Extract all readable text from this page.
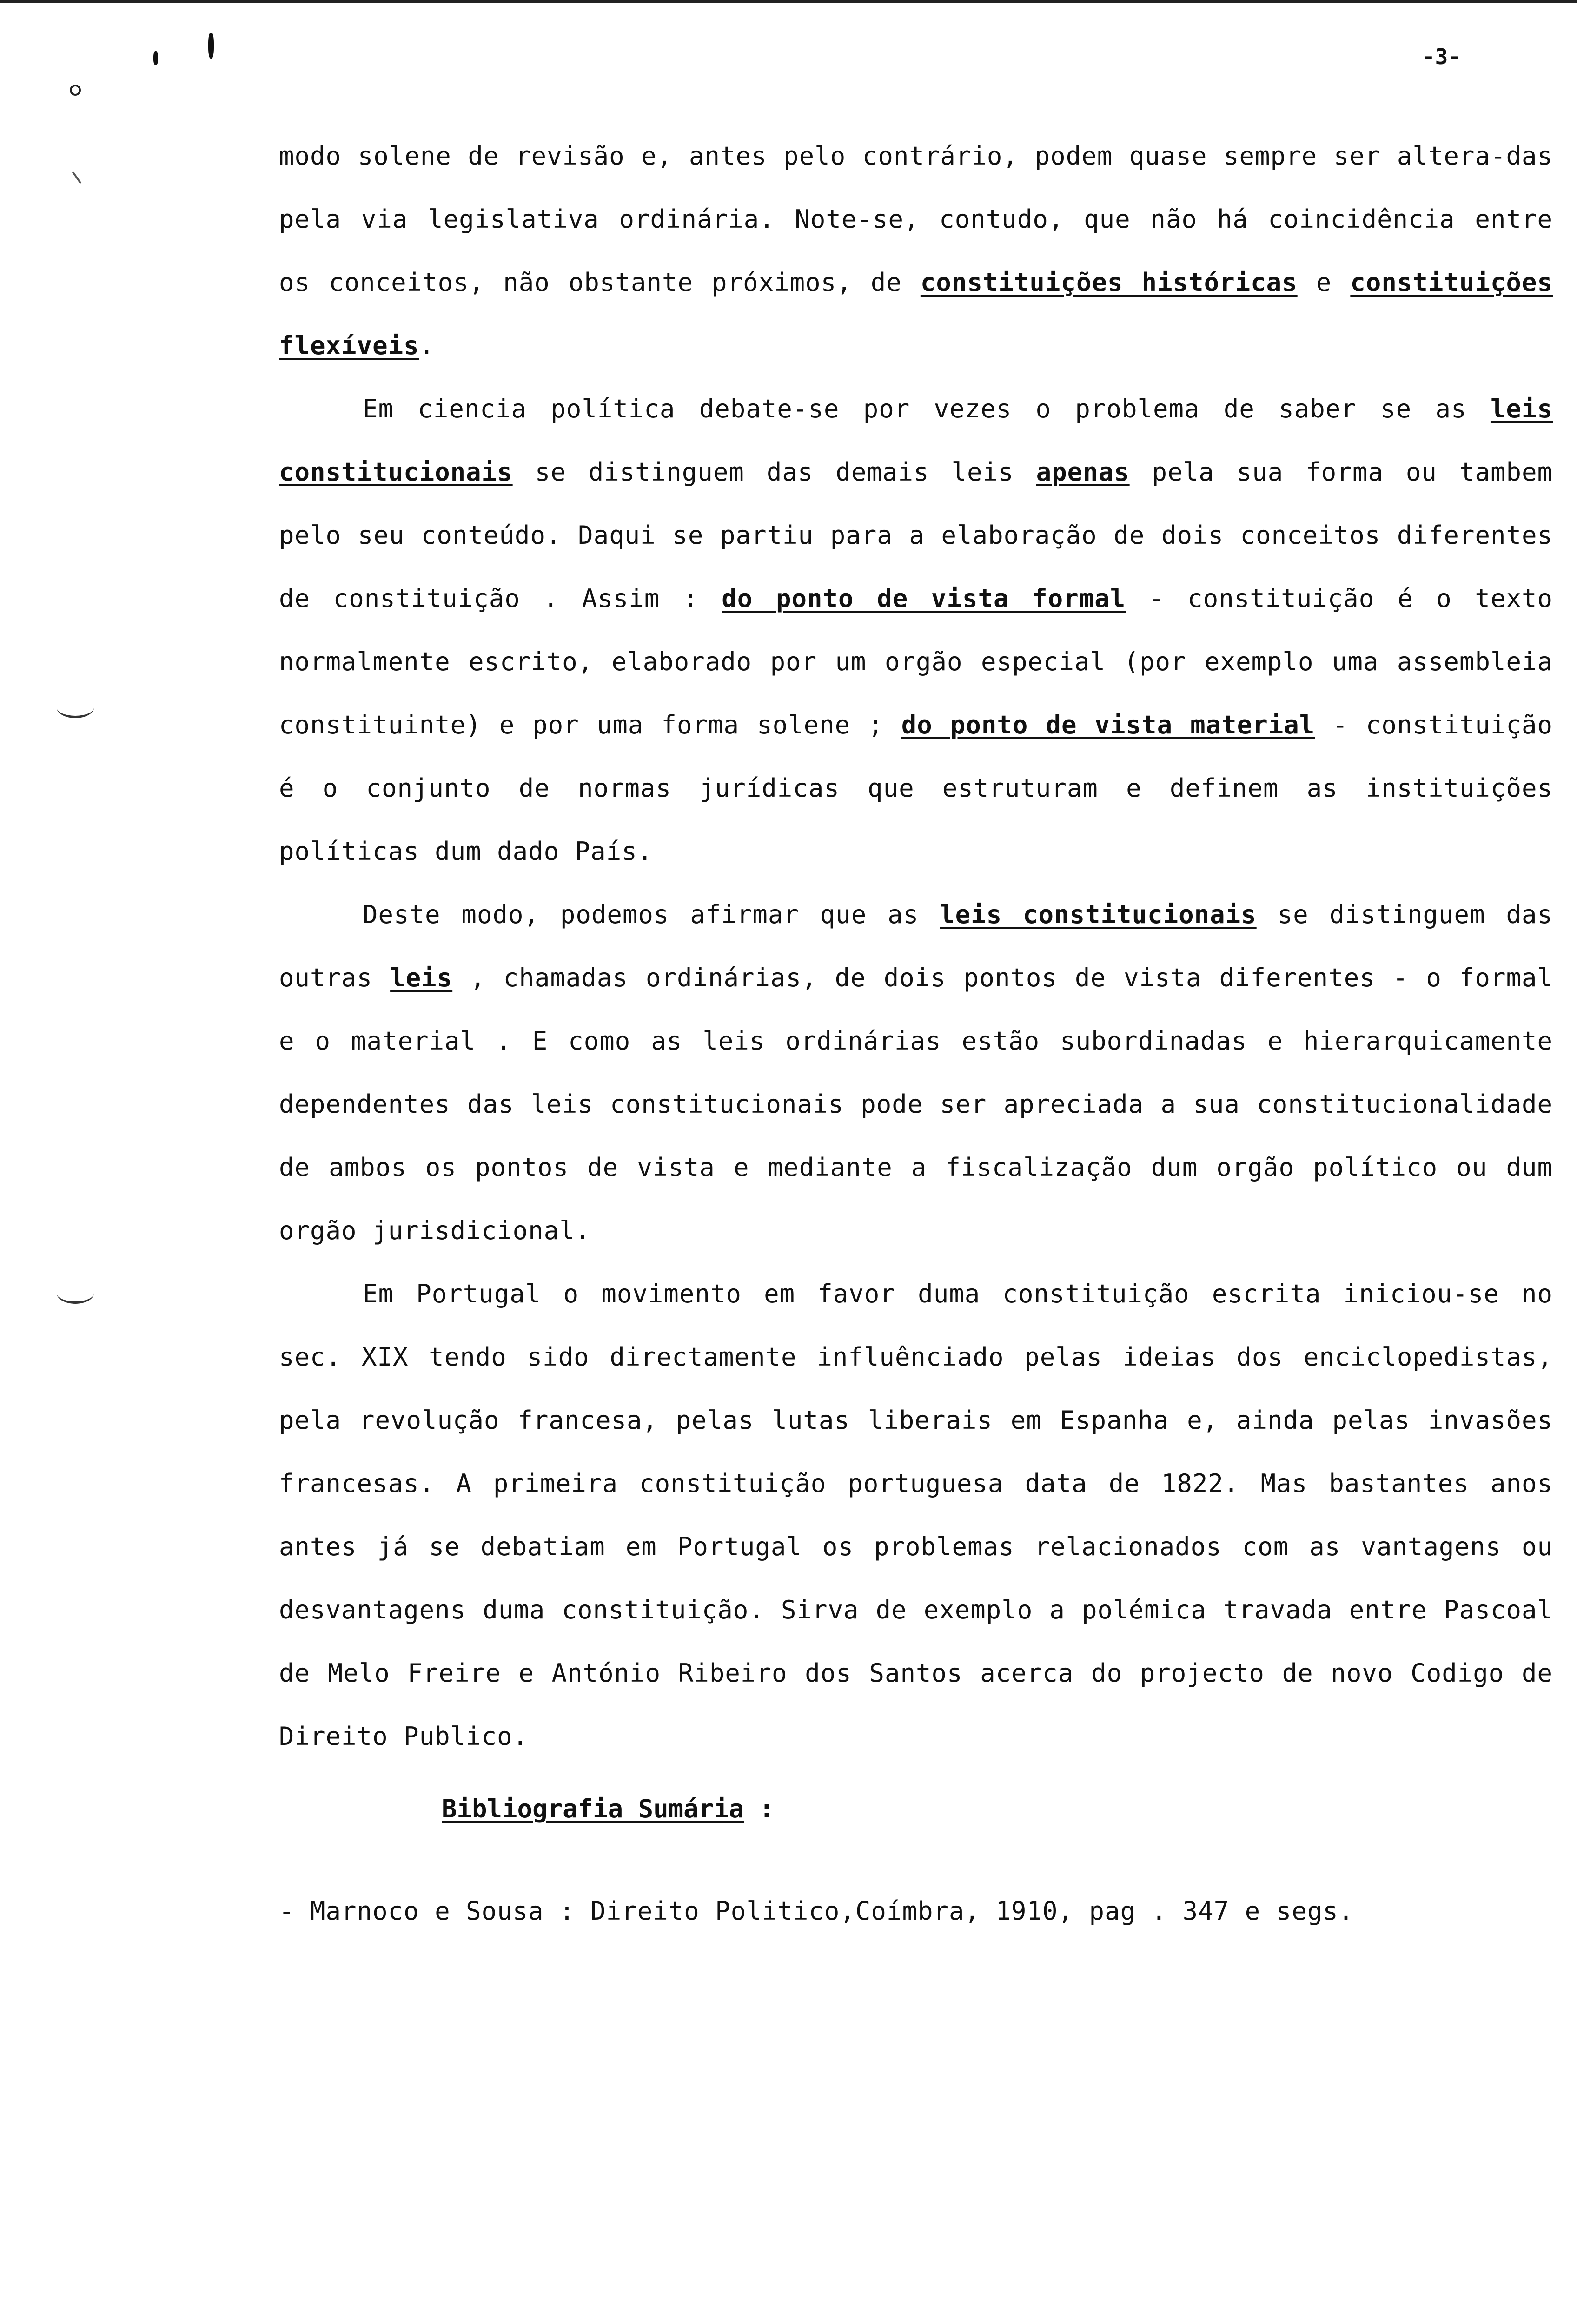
-3-

modo solene de revisão e, antes pelo contrário, podem quase sempre ser altera-das pela via legislativa ordinária. Note-se, contudo, que não há coincidência entre os conceitos, não obstante próximos, de constituições históricas e constituições flexíveis.

Em ciencia política debate-se por vezes o problema de saber se as leis constitucionais se distinguem das demais leis apenas pela sua forma ou tambem pelo seu conteúdo. Daqui se partiu para a elaboração de dois conceitos diferentes de constituição . Assim : do ponto de vista formal - constituição é o texto normalmente escrito, elaborado por um orgão especial (por exemplo uma assembleia constituinte) e por uma forma solene ; do ponto de vista material - constituição é o conjunto de normas jurídicas que estruturam e definem as instituições políticas dum dado País.

Deste modo, podemos afirmar que as leis constitucionais se distinguem das outras leis , chamadas ordinárias, de dois pontos de vista diferentes - o formal e o material . E como as leis ordinárias estão subordinadas e hierarquicamente dependentes das leis constitucionais pode ser apreciada a sua constitucionalidade de ambos os pontos de vista e mediante a fiscalização dum orgão político ou dum orgão jurisdicional.

Em Portugal o movimento em favor duma constituição escrita iniciou-se no sec. XIX tendo sido directamente influênciado pelas ideias dos enciclopedistas, pela revolução francesa, pelas lutas liberais em Espanha e, ainda pelas invasões francesas. A primeira constituição portuguesa data de 1822. Mas bastantes anos antes já se debatiam em Portugal os problemas relacionados com as vantagens ou desvantagens duma constituição. Sirva de exemplo a polémica travada entre Pascoal de Melo Freire e António Ribeiro dos Santos acerca do projecto de novo Codigo de Direito Publico.

Bibliografia Sumária :
- Marnoco e Sousa : Direito Politico,Coímbra, 1910, pag . 347 e segs.
